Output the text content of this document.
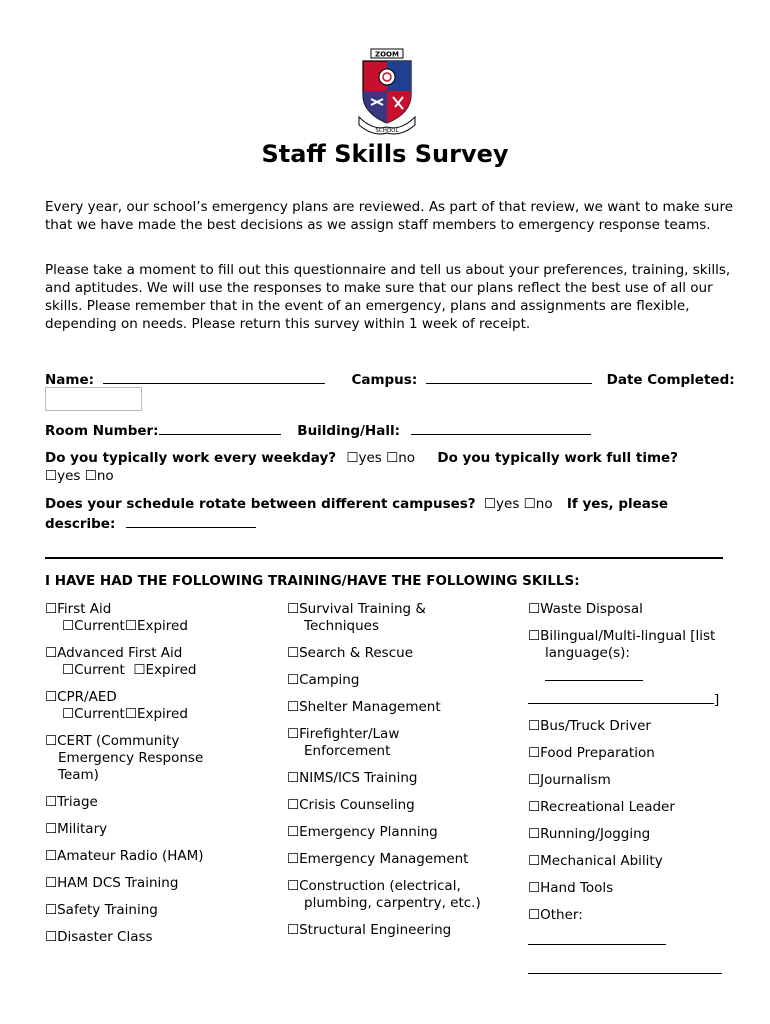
ZOOM
SCHOOL
Staff Skills Survey
Every year, our school’s emergency plans are reviewed. As part of that review, we want to make sure that we have made the best decisions as we assign staff members to emergency response teams.
Please take a moment to fill out this questionnaire and tell us about your preferences, training, skills, and aptitudes. We will use the responses to make sure that our plans reflect the best use of all our skills. Please remember that in the event of an emergency, plans and assignments are flexible, depending on needs. Please return this survey within 1 week of receipt.
Name:	Campus:	Date Completed:
Room Number:	Building/Hall:
Do you typically work every weekday? ☐yes ☐no Do you typically work full time?
☐yes ☐no
Does your schedule rotate between different campuses? ☐yes ☐no If yes, please
describe:
I HAVE HAD THE FOLLOWING TRAINING/HAVE THE FOLLOWING SKILLS:
☐First Aid
☐Current☐Expired
☐Advanced First Aid
☐Current ☐Expired
☐CPR/AED
☐Current☐Expired
☐CERT (Community Emergency Response Team)
☐Triage
☐Military
☐Amateur Radio (HAM)
☐HAM DCS Training
☐Safety Training
☐Disaster Class
☐Survival Training & Techniques
☐Search & Rescue
☐Camping
☐Shelter Management
☐Firefighter/Law Enforcement
☐NIMS/ICS Training
☐Crisis Counseling
☐Emergency Planning
☐Emergency Management
☐Construction (electrical, plumbing, carpentry, etc.)
☐Structural Engineering
☐Waste Disposal
☐Bilingual/Multi-lingual [list language(s):
]
☐Bus/Truck Driver
☐Food Preparation
☐Journalism
☐Recreational Leader
☐Running/Jogging
☐Mechanical Ability
☐Hand Tools
☐Other:
